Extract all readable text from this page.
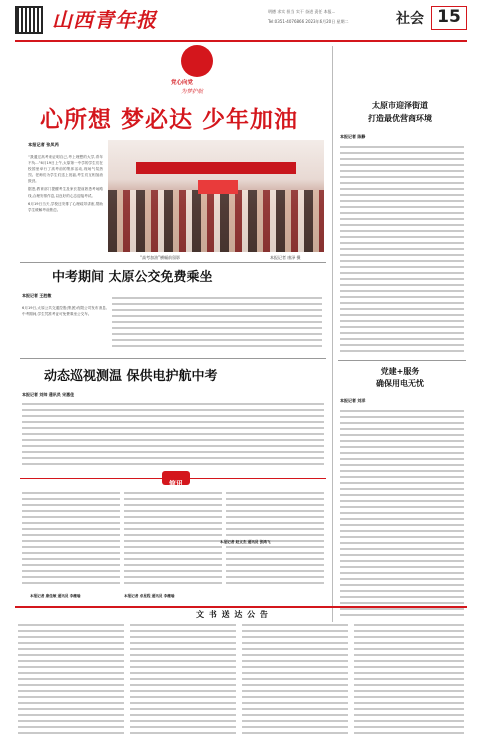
山西青年报	明德 求实 担当 实干 奋进 责任 本报...
Tel:0351-4076866 2023年6月20日 星期二	社会 15
党心向党
为梦护航
心所想 梦必达 少年加油
本报记者 张凤芮

“我通过高考来证明自己,考上理想的大学,青年不负...”6月19日上午,太原第一中学的学生们在校园里举行了高考前的集体活动,现场气氛热烈。老师们为学生们送上祝福,考生们互相加油鼓劲。

据悉,教育部门提醒考生及家长提前熟悉考场路线,合理安排作息,以良好的心态迎接考试。

6月19日当天,学校还安排了心理疏导讲座,帮助学生缓解考前焦虑。

“高考加油”横幅前留影	本报记者 康泽 摄
太原市迎泽街道
打造最优营商环境
本报记者 陈静
党建+服务
确保用电无忧
本报记者 刘洋
中考期间 太原公交免费乘坐
本报记者 王胜敏

6月19日,太原公共交通控股(集团)有限公司发布消息,中考期间,学生凭准考证可免费乘坐公交车。

动态巡视测温 保供电护航中考
本报记者 刘帅 通讯员 宋惠佳
简讯
本报记者 康佳敏 通讯员 李薇瑜
本报记者 赵文杰 通讯员 张鸿飞
本报记者 卓星程 通讯员 李薇瑜
文 书 送 达 公 告
